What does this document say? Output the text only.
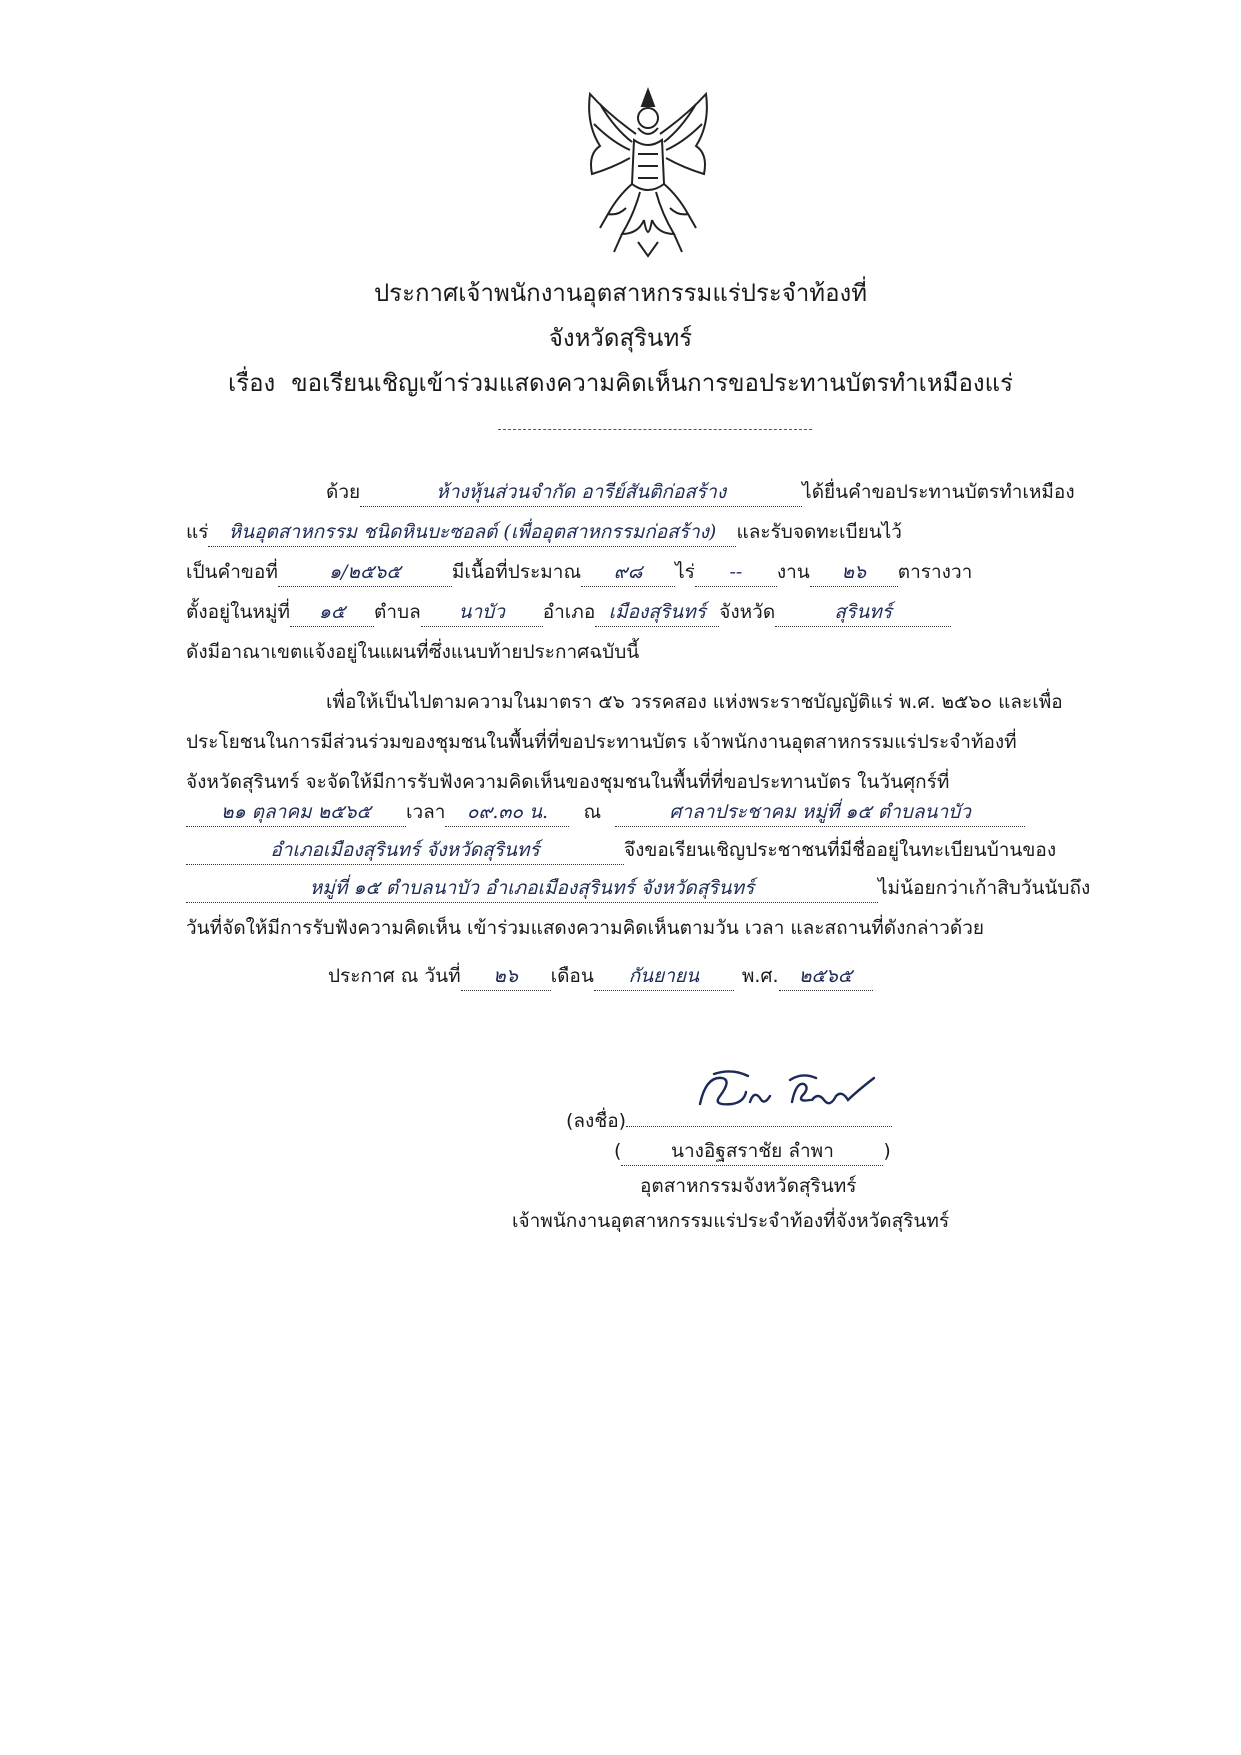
ประกาศเจ้าพนักงานอุตสาหกรรมแร่ประจำท้องที่
จังหวัดสุรินทร์
เรื่อง ขอเรียนเชิญเข้าร่วมแสดงความคิดเห็นการขอประทานบัตรทำเหมืองแร่
ด้วย	ห้างหุ้นส่วนจำกัด อารีย์สันติก่อสร้าง	ได้ยื่นคำขอประทานบัตรทำเหมือง
แร่ หินอุตสาหกรรม ชนิดหินบะซอลต์ (เพื่ออุตสาหกรรมก่อสร้าง) และรับจดทะเบียนไว้
เป็นคำขอที่	๑/๒๕๖๕	มีเนื้อที่ประมาณ ๙๘ ไร่ -- งาน ๒๖ ตารางวา
ตั้งอยู่ในหมู่ที่ ๑๕ ตำบล นาบัว อำเภอ เมืองสุรินทร์ จังหวัด	สุรินทร์
ดังมีอาณาเขตแจ้งอยู่ในแผนที่ซึ่งแนบท้ายประกาศฉบับนี้
เพื่อให้เป็นไปตามความในมาตรา ๕๖ วรรคสอง แห่งพระราชบัญญัติแร่ พ.ศ. ๒๕๖๐ และเพื่อ
ประโยชนในการมีส่วนร่วมของชุมชนในพื้นที่ที่ขอประทานบัตร เจ้าพนักงานอุตสาหกรรมแร่ประจำท้องที่
จังหวัดสุรินทร์ จะจัดให้มีการรับฟังความคิดเห็นของชุมชนในพื้นที่ที่ขอประทานบัตร ในวันศุกร์ที่
๒๑ ตุลาคม ๒๕๖๕ เวลา ๐๙.๓๐ น. ณ	ศาลาประชาคม หมู่ที่ ๑๕ ตำบลนาบัว
อำเภอเมืองสุรินทร์ จังหวัดสุรินทร์	จึงขอเรียนเชิญประชาชนที่มีชื่ออยู่ในทะเบียนบ้านของ
หมู่ที่ ๑๕ ตำบลนาบัว อำเภอเมืองสุรินทร์ จังหวัดสุรินทร์	ไม่น้อยกว่าเก้าสิบวันนับถึง
วันที่จัดให้มีการรับฟังความคิดเห็น เข้าร่วมแสดงความคิดเห็นตามวัน เวลา และสถานที่ดังกล่าวด้วย
ประกาศ ณ วันที่ ๒๖ เดือน กันยายน พ.ศ. ๒๕๖๕
(ลงชื่อ)
(	นางอิฐสราชัย ลำพา	)
อุตสาหกรรมจังหวัดสุรินทร์
เจ้าพนักงานอุตสาหกรรมแร่ประจำท้องที่จังหวัดสุรินทร์
